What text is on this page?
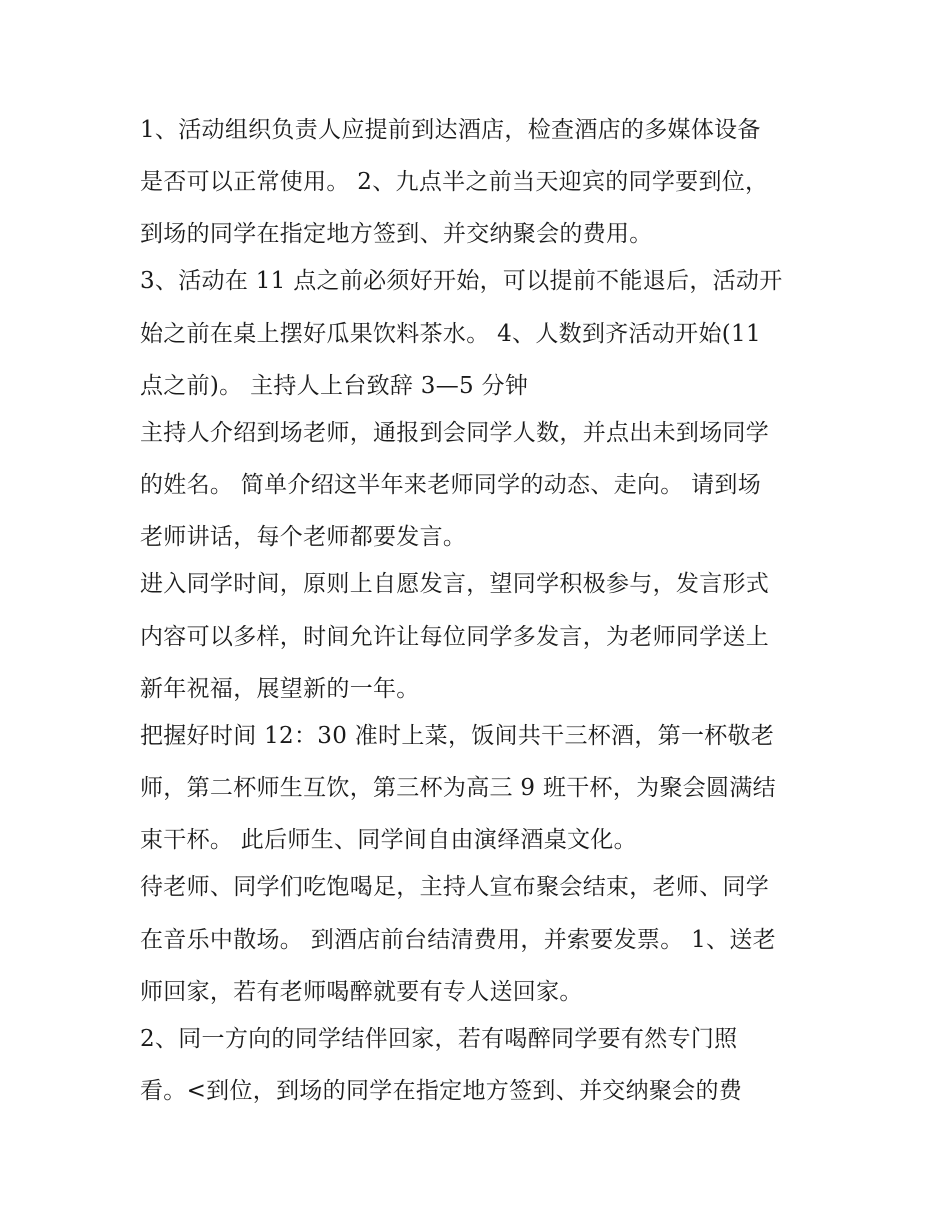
1、活动组织负责人应提前到达酒店，检查酒店的多媒体设备

是否可以正常使用。 2、九点半之前当天迎宾的同学要到位，

到场的同学在指定地方签到、并交纳聚会的费用。

3、活动在 11 点之前必须好开始，可以提前不能退后，活动开

始之前在桌上摆好瓜果饮料茶水。 4、人数到齐活动开始(11

点之前)。 主持人上台致辞 3—5 分钟

主持人介绍到场老师，通报到会同学人数，并点出未到场同学

的姓名。 简单介绍这半年来老师同学的动态、走向。 请到场

老师讲话，每个老师都要发言。

进入同学时间，原则上自愿发言，望同学积极参与，发言形式

内容可以多样，时间允许让每位同学多发言，为老师同学送上

新年祝福，展望新的一年。

把握好时间 12：30 准时上菜，饭间共干三杯酒，第一杯敬老

师，第二杯师生互饮，第三杯为高三 9 班干杯，为聚会圆满结

束干杯。 此后师生、同学间自由演绎酒桌文化。

待老师、同学们吃饱喝足，主持人宣布聚会结束，老师、同学

在音乐中散场。 到酒店前台结清费用，并索要发票。 1、送老

师回家，若有老师喝醉就要有专人送回家。

2、同一方向的同学结伴回家，若有喝醉同学要有然专门照

看。<到位，到场的同学在指定地方签到、并交纳聚会的费
